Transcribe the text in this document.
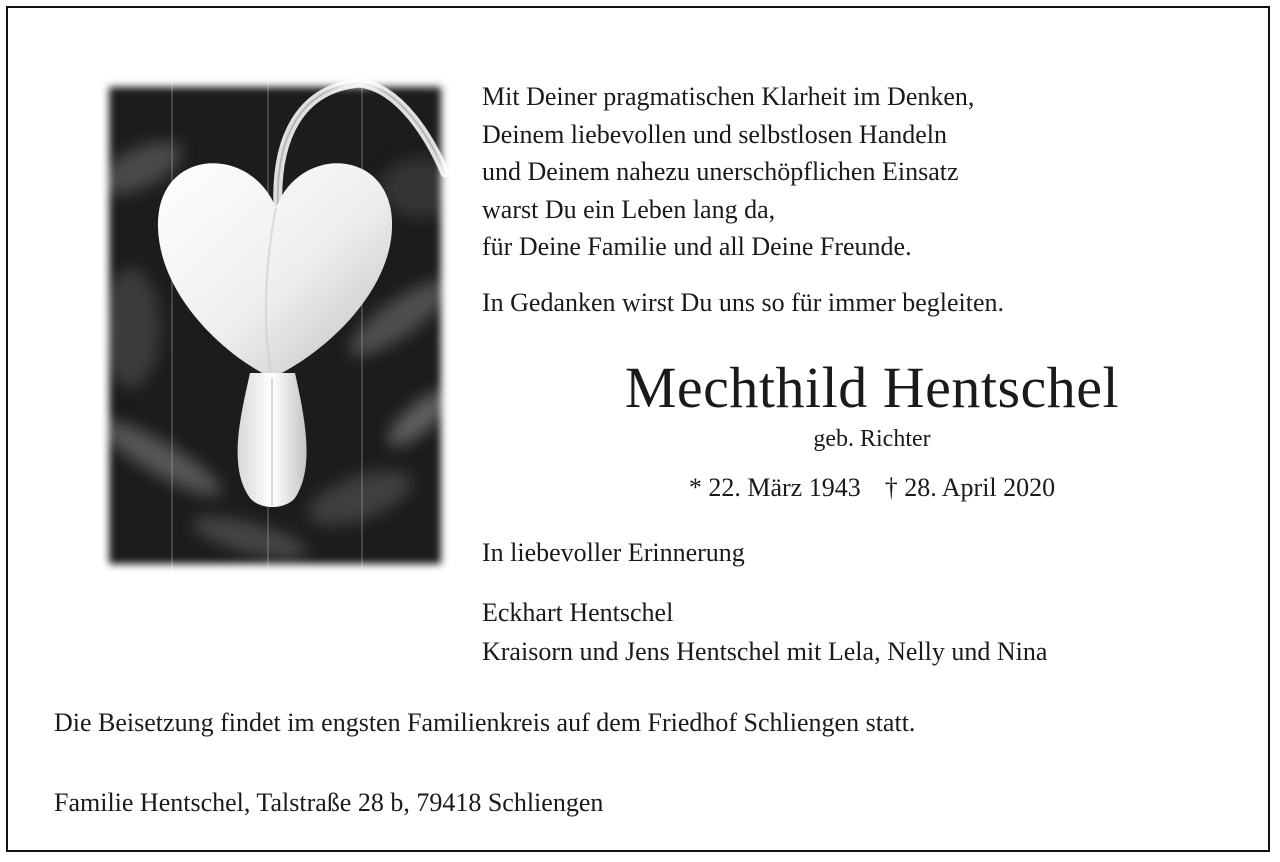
Mit Deiner pragmatischen Klarheit im Denken,
Deinem liebevollen und selbstlosen Handeln
und Deinem nahezu unerschöpflichen Einsatz
warst Du ein Leben lang da,
für Deine Familie und all Deine Freunde.
In Gedanken wirst Du uns so für immer begleiten.
Mechthild Hentschel
geb. Richter
* 22. März 1943 † 28. April 2020
In liebevoller Erinnerung
Eckhart Hentschel
Kraisorn und Jens Hentschel mit Lela, Nelly und Nina
Die Beisetzung findet im engsten Familienkreis auf dem Friedhof Schliengen statt.
Familie Hentschel, Talstraße 28 b, 79418 Schliengen
